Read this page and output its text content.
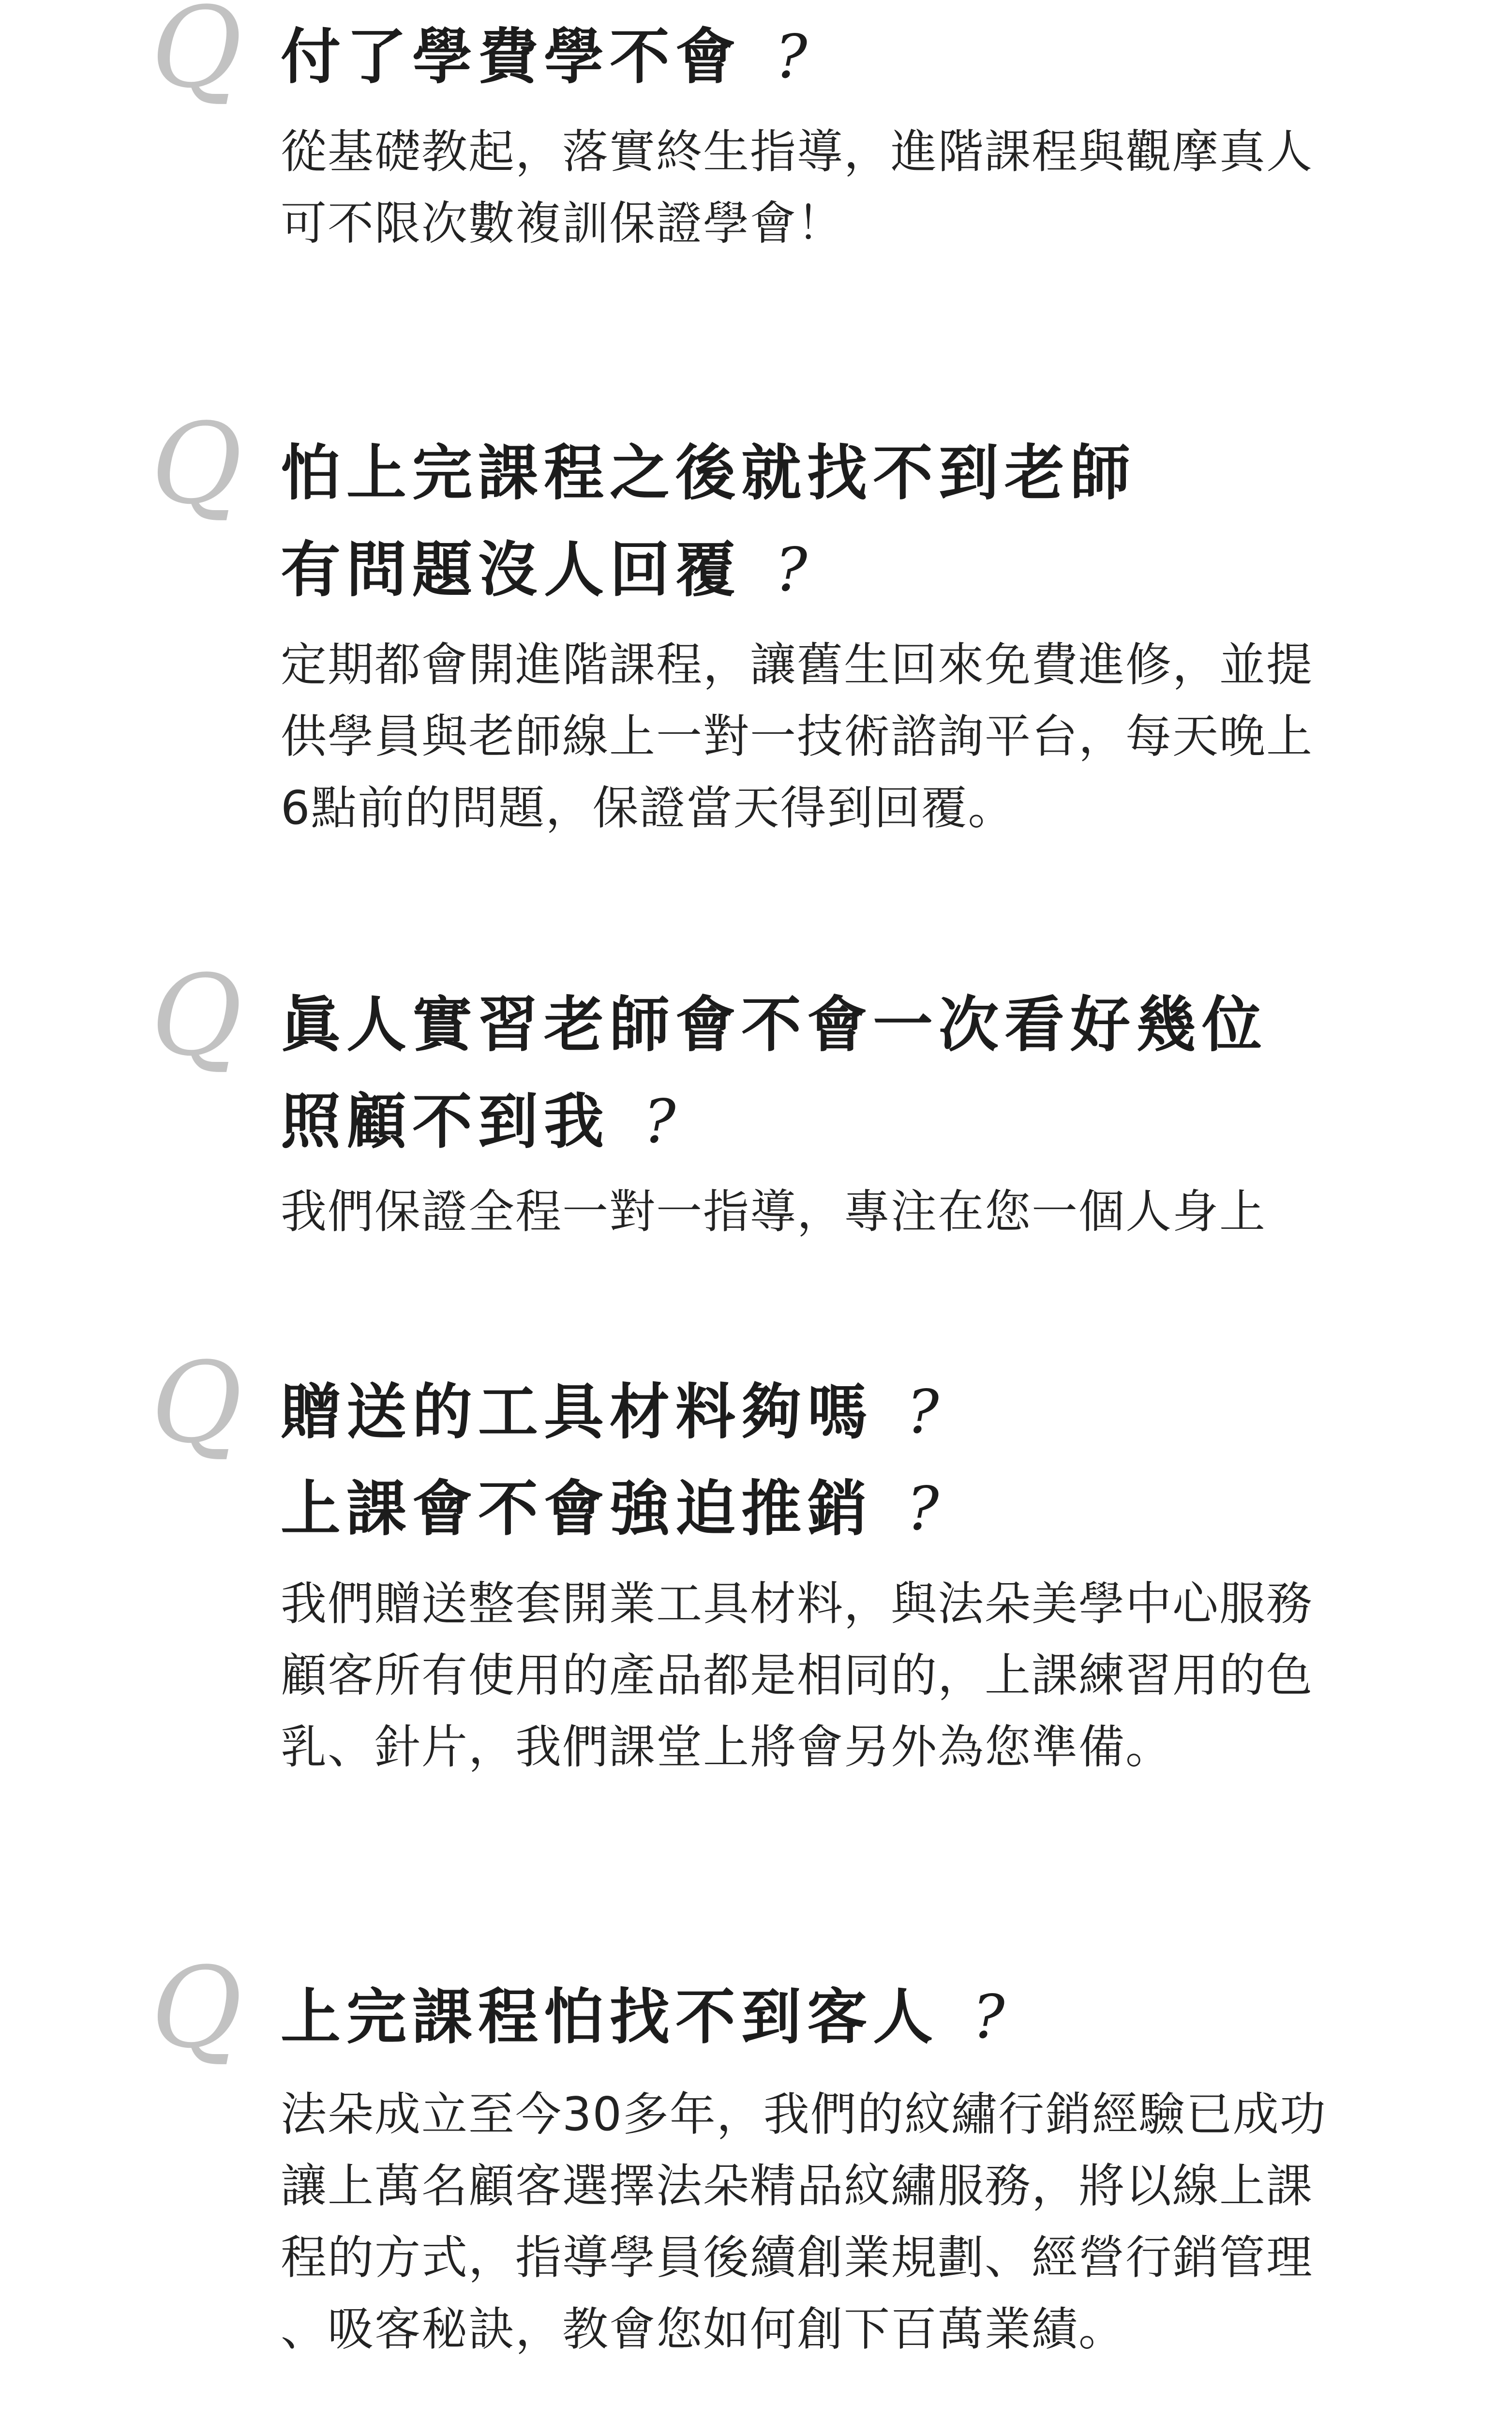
Q 付了學費學不會 ?
從基礎教起，落實終生指導，進階課程與觀摩真人
可不限次數複訓保證學會！
Q 怕上完課程之後就找不到老師
有問題沒人回覆 ?
定期都會開進階課程，讓舊生回來免費進修，並提
供學員與老師線上一對一技術諮詢平台，每天晚上
6點前的問題，保證當天得到回覆。
Q 眞人實習老師會不會一次看好幾位
照顧不到我 ?
我們保證全程一對一指導，專注在您一個人身上
Q 贈送的工具材料夠嗎 ?
上課會不會強迫推銷 ?
我們贈送整套開業工具材料，與法朵美學中心服務
顧客所有使用的產品都是相同的，上課練習用的色
乳、針片，我們課堂上將會另外為您準備。
Q 上完課程怕找不到客人 ?
法朵成立至今30多年，我們的紋繡行銷經驗已成功
讓上萬名顧客選擇法朵精品紋繡服務，將以線上課
程的方式，指導學員後續創業規劃、經營行銷管理
、吸客秘訣，教會您如何創下百萬業績。
